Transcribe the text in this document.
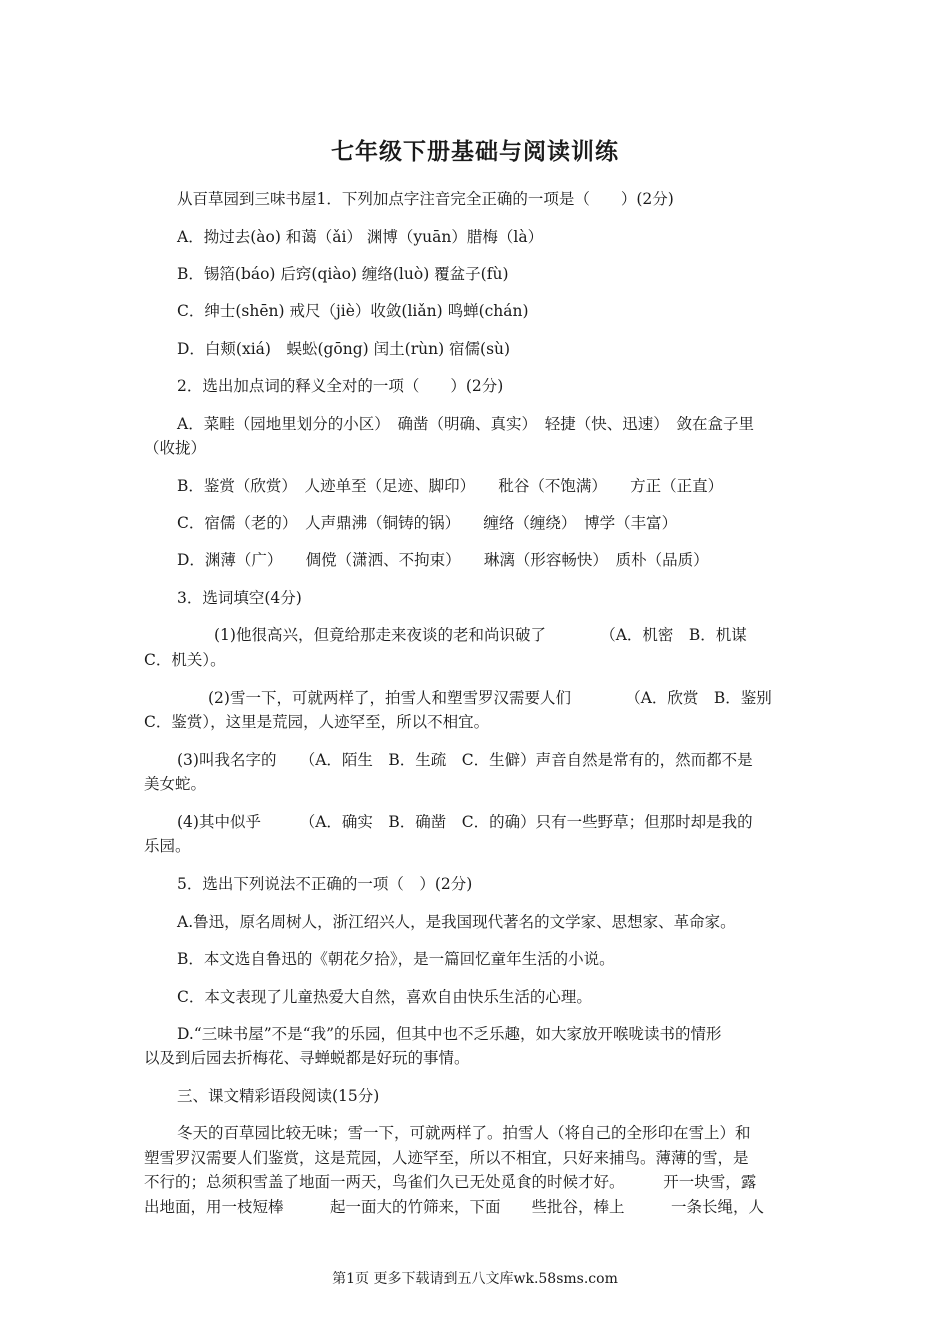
七年级下册基础与阅读训练
从百草园到三味书屋1．下列加点字注音完全正确的一项是（　　）(2分)
A．拗过去(ào) 和蔼（ǎi） 渊博（yuān）腊梅（là）
B．锡箔(báo) 后窍(qiào) 缠络(luò) 覆盆子(fù)
C．绅士(shēn) 戒尺（jiè）收敛(liǎn) 鸣蝉(chán)
D．白颊(xiá)　蜈蚣(gōng) 闰土(rùn) 宿儒(sù)
2．选出加点词的释义全对的一项（　　）(2分)
A．菜畦（园地里划分的小区）　确凿（明确、真实）　轻捷（快、迅速）　敛在盒子里
（收拢）
B．鉴赏（欣赏）　人迹单至（足迹、脚印）　　秕谷（不饱满）　　方正（正直）
C．宿儒（老的）　人声鼎沸（铜铸的锅）　　缠络（缠绕）　博学（丰富）
D．渊薄（广）　　倜傥（潇洒、不拘束）　　琳漓（形容畅快）　质朴（品质）
3．选词填空(4分)
(1)他很高兴，但竟给那走来夜谈的老和尚识破了　　　　（A．机密　B．机谋
C．机关）。
(2)雪一下，可就两样了，拍雪人和塑雪罗汉需要人们　　　　（A．欣赏　B．鉴别
C．鉴赏），这里是荒园，人迹罕至，所以不相宜。
(3)叫我名字的　　（A．陌生　B．生疏　C．生僻）声音自然是常有的，然而都不是
美女蛇。
(4)其中似乎　　　（A．确实　B．确凿　C．的确）只有一些野草；但那时却是我的
乐园。
5．选出下列说法不正确的一项（　）(2分)
A.鲁迅，原名周树人，浙江绍兴人，是我国现代著名的文学家、思想家、革命家。
B．本文选自鲁迅的《朝花夕拾》，是一篇回忆童年生活的小说。
C．本文表现了儿童热爱大自然，喜欢自由快乐生活的心理。
D.“三味书屋”不是“我”的乐园，但其中也不乏乐趣，如大家放开喉咙读书的情形
以及到后园去折梅花、寻蝉蜕都是好玩的事情。
三、课文精彩语段阅读(15分)
冬天的百草园比较无味；雪一下，可就两样了。拍雪人（将自己的全形印在雪上）和
塑雪罗汉需要人们鉴赏，这是荒园，人迹罕至，所以不相宜，只好来捕鸟。薄薄的雪，是
不行的；总须积雪盖了地面一两天，鸟雀们久已无处觅食的时候才好。　　　开一块雪，露
出地面，用一枝短棒　　　起一面大的竹筛来，下面　　些批谷，棒上　　　一条长绳，人
第1页 更多下载请到五八文库wk.58sms.com
